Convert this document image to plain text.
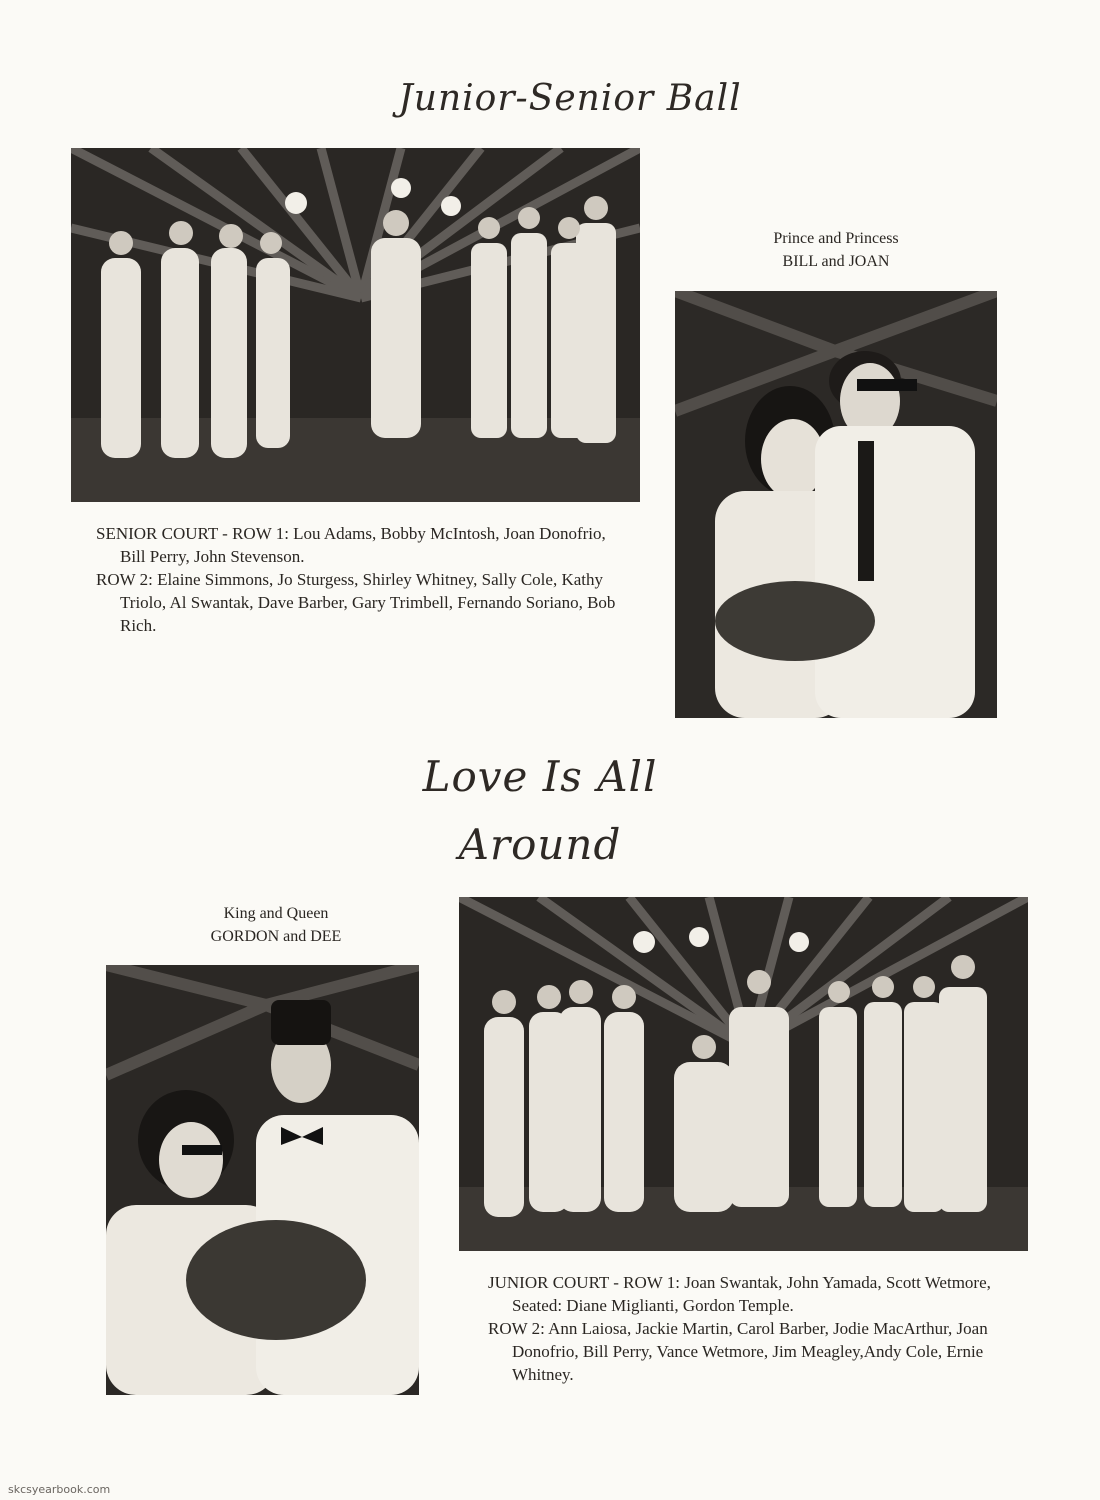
Junior-Senior Ball

SENIOR COURT - ROW 1: Lou Adams, Bobby McIntosh, Joan Donofrio, Bill Perry, John Stevenson.

ROW 2: Elaine Simmons, Jo Sturgess, Shirley Whitney, Sally Cole, Kathy Triolo, Al Swantak, Dave Barber, Gary Trimbell, Fernando Soriano, Bob Rich.

Prince and Princess
BILL and JOAN
Love Is All
Around
King and Queen
GORDON and DEE

JUNIOR COURT - ROW 1: Joan Swantak, John Yamada, Scott Wetmore, Seated: Diane Miglianti, Gordon Temple.

ROW 2: Ann Laiosa, Jackie Martin, Carol Barber, Jodie MacArthur, Joan Donofrio, Bill Perry, Vance Wetmore, Jim Meagley,Andy Cole, Ernie Whitney.

skcsyearbook.com
